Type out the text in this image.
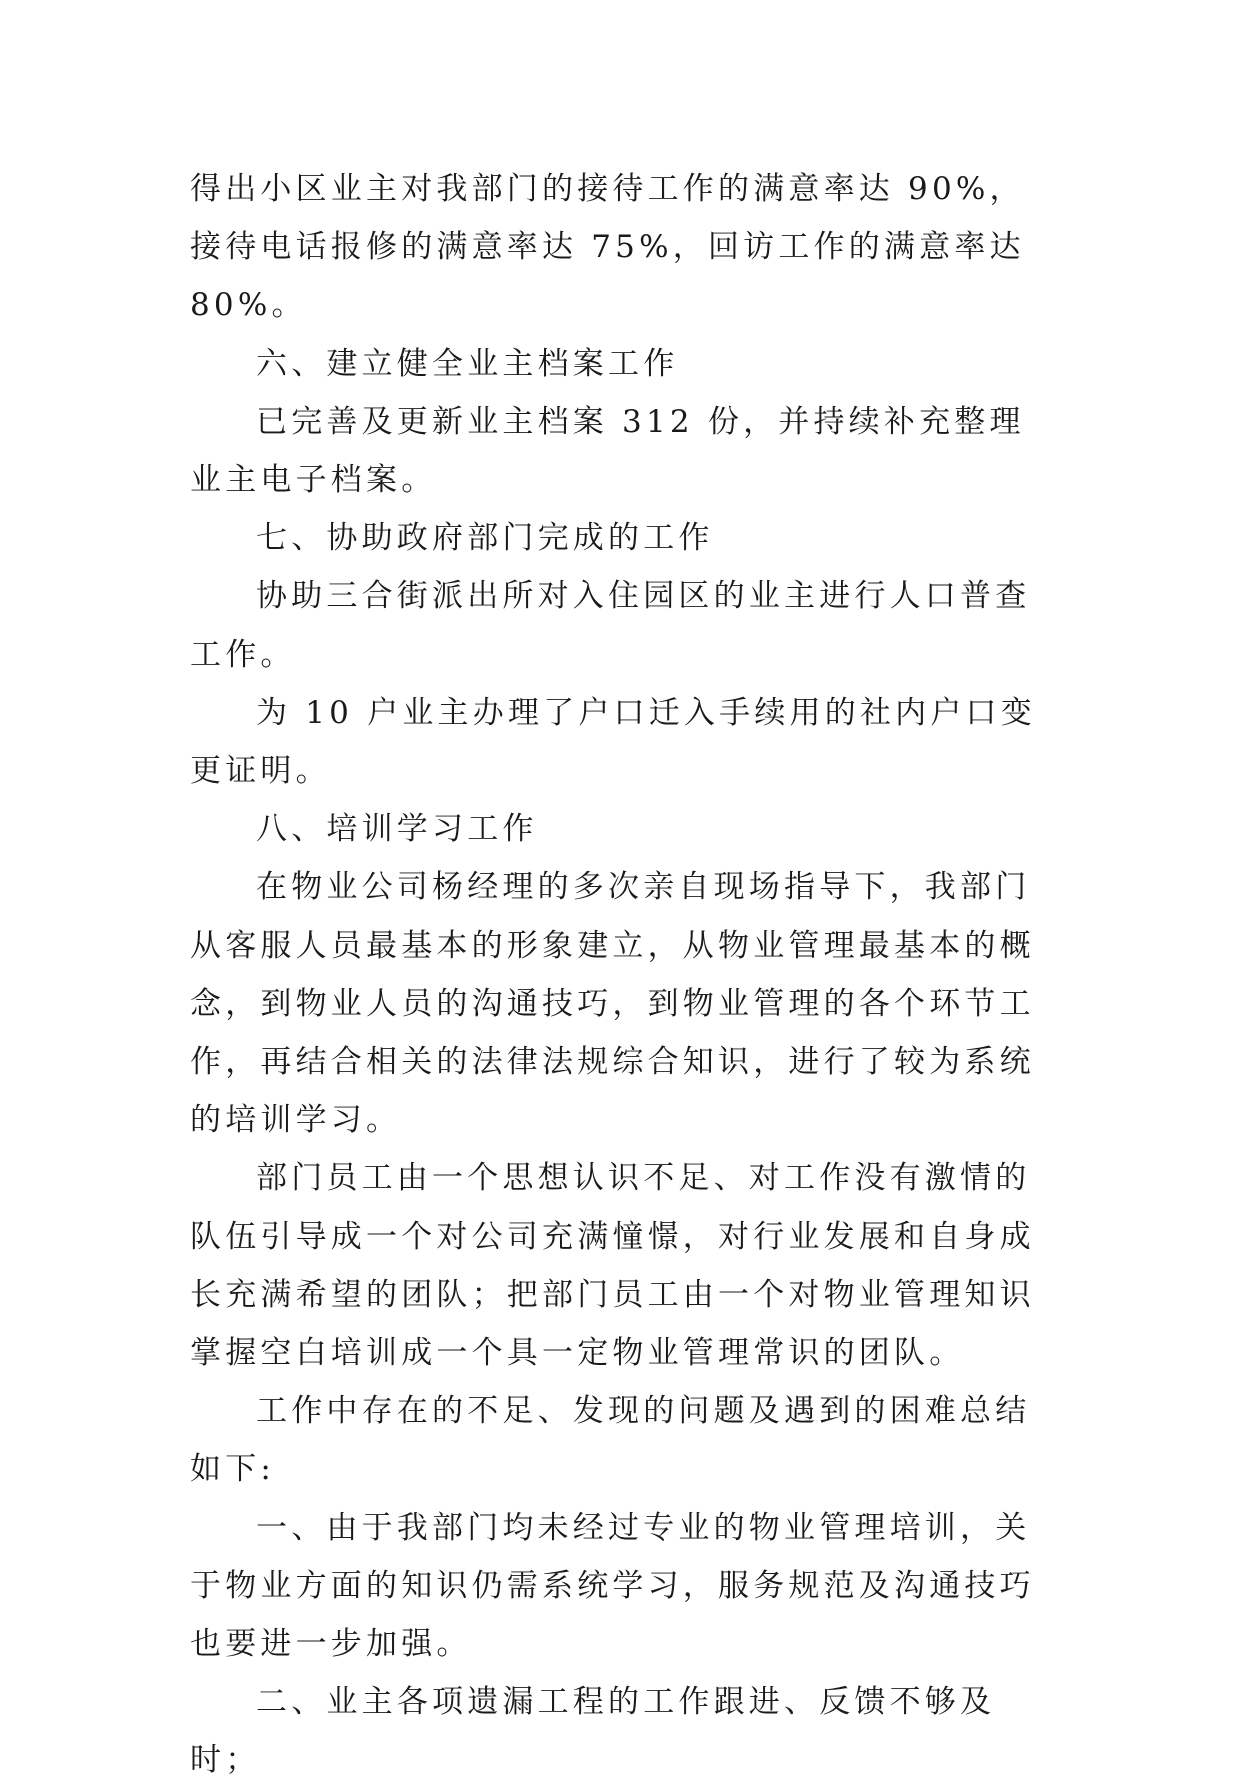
得出小区业主对我部门的接待工作的满意率达 90%，接待电话报修的满意率达 75%，回访工作的满意率达 80%。

六、建立健全业主档案工作

已完善及更新业主档案 312 份，并持续补充整理业主电子档案。

七、协助政府部门完成的工作

协助三合街派出所对入住园区的业主进行人口普查工作。

为 10 户业主办理了户口迁入手续用的社内户口变更证明。

八、培训学习工作

在物业公司杨经理的多次亲自现场指导下，我部门从客服人员最基本的形象建立，从物业管理最基本的概念，到物业人员的沟通技巧，到物业管理的各个环节工作，再结合相关的法律法规综合知识，进行了较为系统的培训学习。

部门员工由一个思想认识不足、对工作没有激情的队伍引导成一个对公司充满憧憬，对行业发展和自身成长充满希望的团队；把部门员工由一个对物业管理知识掌握空白培训成一个具一定物业管理常识的团队。

工作中存在的不足、发现的问题及遇到的困难总结如下:

一、由于我部门均未经过专业的物业管理培训，关于物业方面的知识仍需系统学习，服务规范及沟通技巧也要进一步加强。

二、业主各项遗漏工程的工作跟进、反馈不够及时；
